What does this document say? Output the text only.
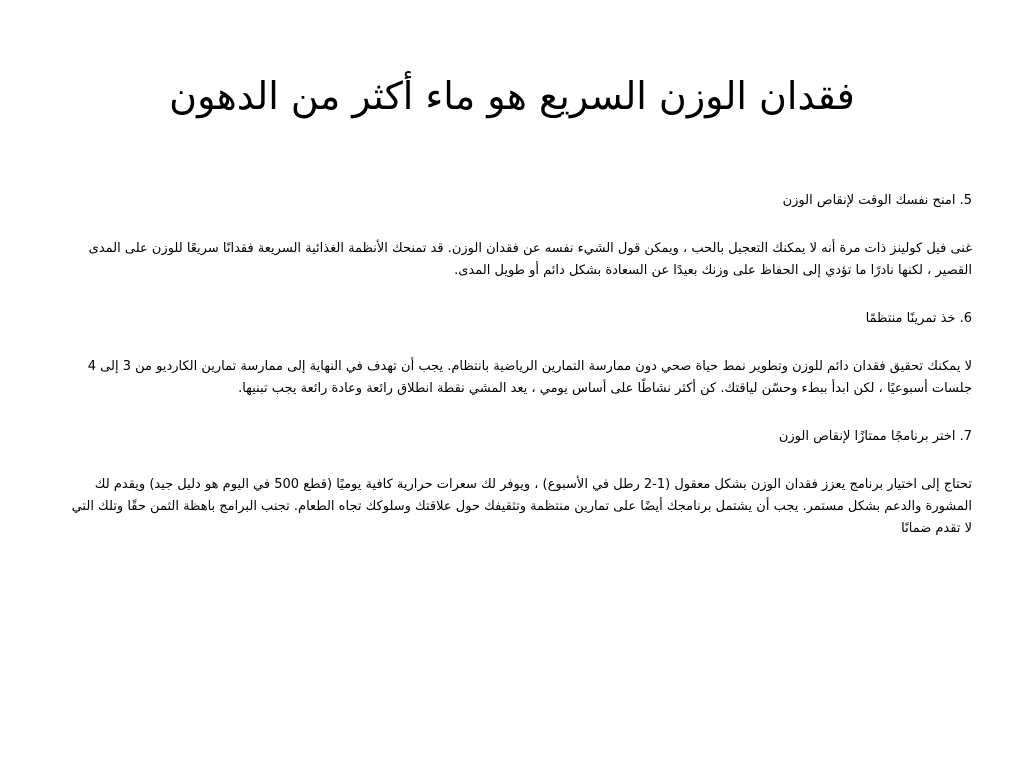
فقدان الوزن السريع هو ماء أكثر من الدهون

5. امنح نفسك الوقت لإنقاص الوزن

غنى فيل كولينز ذات مرة أنه لا يمكنك التعجيل بالحب ، ويمكن قول الشيء نفسه عن فقدان الوزن. قد تمنحك الأنظمة الغذائية السريعة فقدانًا سريعًا للوزن على المدى القصير ، لكنها نادرًا ما تؤدي إلى الحفاظ على وزنك بعيدًا عن السعادة بشكل دائم أو طويل المدى.

6. خذ تمرينًا منتظمًا

لا يمكنك تحقيق فقدان دائم للوزن وتطوير نمط حياة صحي دون ممارسة التمارين الرياضية بانتظام. يجب أن تهدف في النهاية إلى ممارسة تمارين الكارديو من 3 إلى 4 جلسات أسبوعيًا ، لكن ابدأ ببطء وحسّن لياقتك. كن أكثر نشاطًا على أساس يومي ، يعد المشي نقطة انطلاق رائعة وعادة رائعة يجب تبنيها.

7. اختر برنامجًا ممتازًا لإنقاص الوزن

تحتاج إلى اختيار برنامج يعزز فقدان الوزن بشكل معقول (1-2 رطل في الأسبوع) ، ويوفر لك سعرات حرارية كافية يوميًا (قطع 500 في اليوم هو دليل جيد) ويقدم لك المشورة والدعم بشكل مستمر. يجب أن يشتمل برنامجك أيضًا على تمارين منتظمة وتثقيفك حول علاقتك وسلوكك تجاه الطعام. تجنب البرامج باهظة الثمن حقًا وتلك التي لا تقدم ضمانًا
